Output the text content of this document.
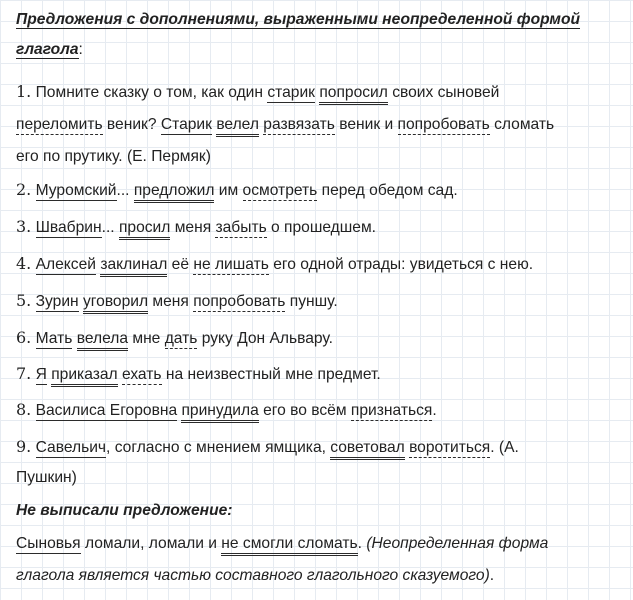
Предложения с дополнениями, выраженными неопределенной формой
глагола:
1. Помните сказку о том, как один старик попросил своих сыновей
переломить веник? Старик велел развязать веник и попробовать сломать
его по прутику. (Е. Пермяк)
2. Муромский... предложил им осмотреть перед обедом сад.
3. Швабрин... просил меня забыть о прошедшем.
4. Алексей заклинал её не лишать его одной отрады: увидеться с нею.
5. Зурин уговорил меня попробовать пуншу.
6. Мать велела мне дать руку Дон Альвару.
7. Я приказал ехать на неизвестный мне предмет.
8. Василиса Егоровна принудила его во всём признаться.
9. Савельич, согласно с мнением ямщика, советовал воротиться. (А.
Пушкин)
Не выписали предложение:
Сыновья ломали, ломали и не смогли сломать. (Неопределенная форма
глагола является частью составного глагольного сказуемого).
